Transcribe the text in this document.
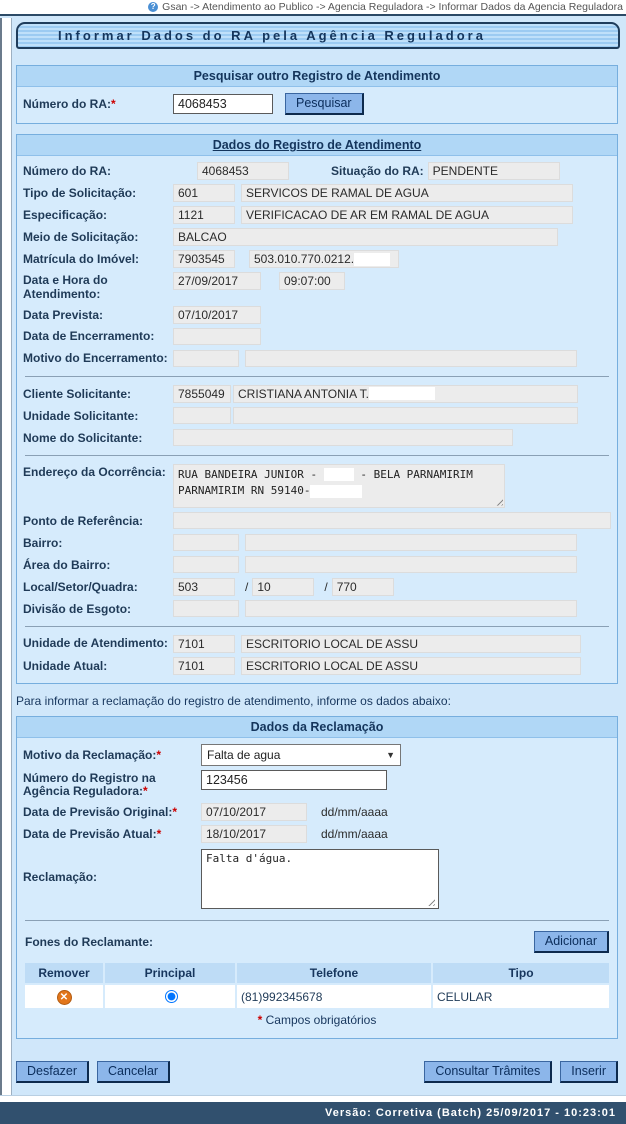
? Gsan -> Atendimento ao Publico -> Agencia Reguladora -> Informar Dados da Agencia Reguladora
Informar Dados do RA pela Agência Reguladora
Pesquisar outro Registro de Atendimento
Número do RA:*
4068453	Pesquisar
Dados do Registro de Atendimento
Número do RA:	4068453	Situação do RA: PENDENTE
Tipo de Solicitação:	601	SERVICOS DE RAMAL DE AGUA
Especificação:	1121	VERIFICACAO DE AR EM RAMAL DE AGUA
Meio de Solicitação:	BALCAO
Matrícula do Imóvel:	7903545	503.010.770.0212.
Data e Hora do Atendimento:
27/09/2017	09:07:00
Data Prevista:	07/10/2017
Data de Encerramento:
Motivo do Encerramento:
Cliente Solicitante:	7855049	CRISTIANA ANTONIA T.
Unidade Solicitante:
Nome do Solicitante:
Endereço da Ocorrência:	RUA BANDEIRA JUNIOR -	- BELA PARNAMIRIM
PARNAMIRIM RN 59140-
Ponto de Referência:
Bairro:
Área do Bairro:
Local/Setor/Quadra:	503	/ 10	/ 770
Divisão de Esgoto:
Unidade de Atendimento: 7101	ESCRITORIO LOCAL DE ASSU
Unidade Atual:	7101	ESCRITORIO LOCAL DE ASSU
Para informar a reclamação do registro de atendimento, informe os dados abaixo:
Dados da Reclamação
Motivo da Reclamação:*	Falta de agua	▼
Número do Registro na Agência Reguladora:*
123456
Data de Previsão Original:*	07/10/2017	dd/mm/aaaa
Data de Previsão Atual:*	18/10/2017	dd/mm/aaaa
Reclamação:
Falta d'água.
Fones do Reclamante:	Adicionar
Remover	Principal	Telefone	Tipo
✕		(81)992345678	CELULAR
* Campos obrigatórios
Desfazer	Cancelar	Consultar Trâmites	Inserir
Versão: Corretiva (Batch) 25/09/2017 - 10:23:01
